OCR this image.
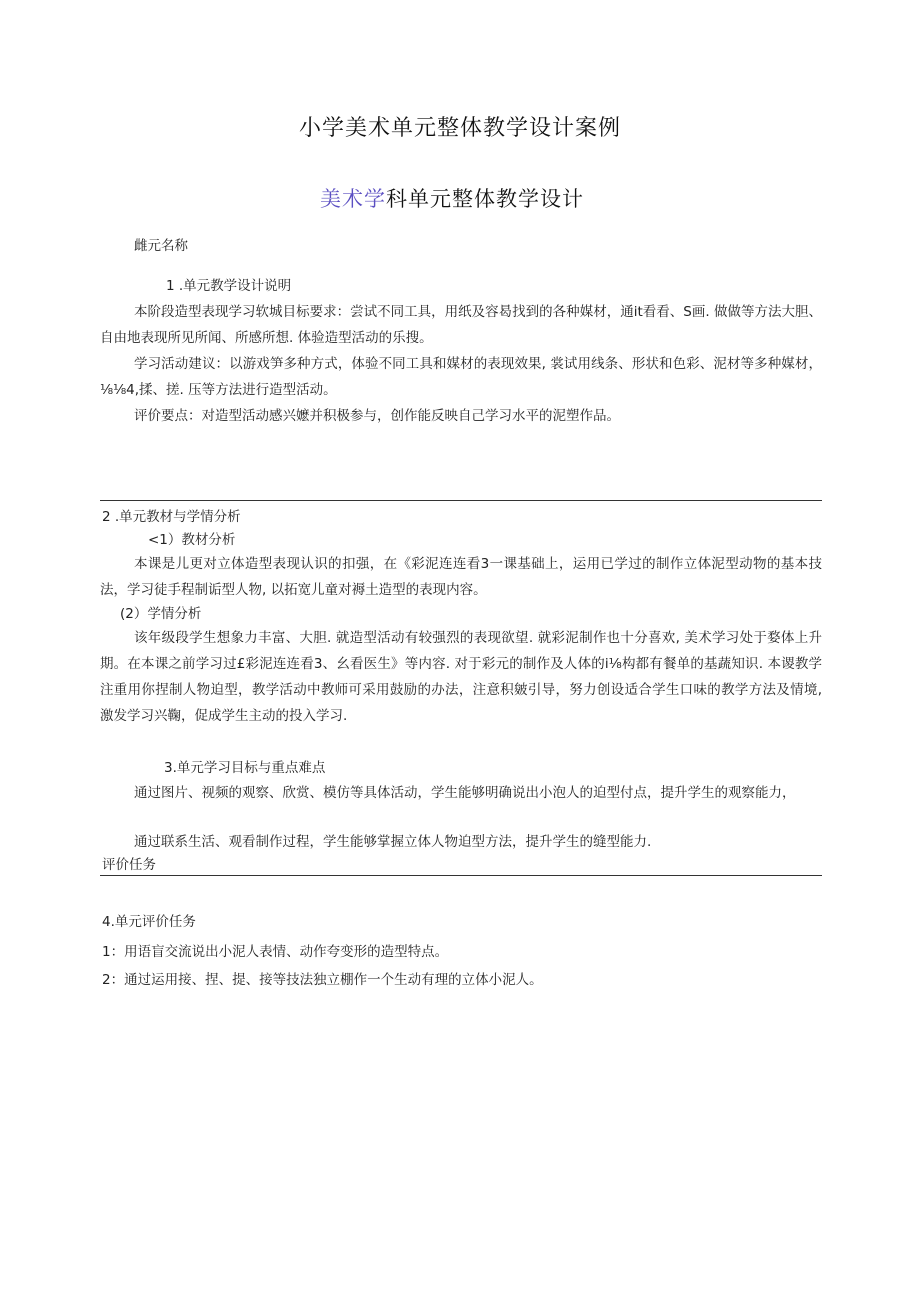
小学美术单元整体教学设计案例
美术学科单元整体教学设计
雌元名称
1 .单元教学设计说明
本阶段造型表现学习软城目标要求：尝试不同工具，用纸及容曷找到的各种媒材，通it看看、S画. 做做等方法大胆、自由地表现所见所闻、所感所想. 体验造型活动的乐搜。
学习活动建议：以游戏笋多种方式，体验不同工具和媒材的表现效果, 裳试用线条、形状和色彩、泥材等多种媒材，⅛⅛4,揉、搓. 压等方法进行造型活动。
评价要点：对造型活动感兴嬷并积极参与，创作能反映自己学习水平的泥塑作品。
2 .单元教材与学情分析
<1）教材分析
本课是儿更对立体造型表现认识的扣强，在《彩泥连连看3一课基础上，运用已学过的制作立体泥型动物的基本技法，学习徒手程制诟型人物, 以拓宽儿童对褥土造型的表现内容。
(2）学情分析
该年级段学生想象力丰富、大胆. 就造型活动有较强烈的表现欲望. 就彩泥制作也十分喜欢, 美术学习处于婺体上升期。在本课之前学习过£彩泥连连看3、幺看医生》等内容. 对于彩元的制作及人体的i⅛构都有餐单的基蔬知识. 本谡教学注重用你捏制人物迫型，教学活动中教师可采用鼓励的办法，注意积皴引导，努力创设适合学生口味的教学方法及情境, 激发学习兴鞠，促成学生主动的投入学习.
3.单元学习目标与重点难点
通过图片、视频的观察、欣赏、模仿等具体活动，学生能够明确说出小泡人的迫型付点，提升学生的观察能力，
通过联系生活、观看制作过程，学生能够掌握立体人物迫型方法，提升学生的缝型能力.
评价任务
4.单元评价任务
1：用语盲交流说出小泥人表情、动作夸变形的造型特点。
2：通过运用接、捏、提、接等技法独立棚作一个生动有理的立体小泥人。
